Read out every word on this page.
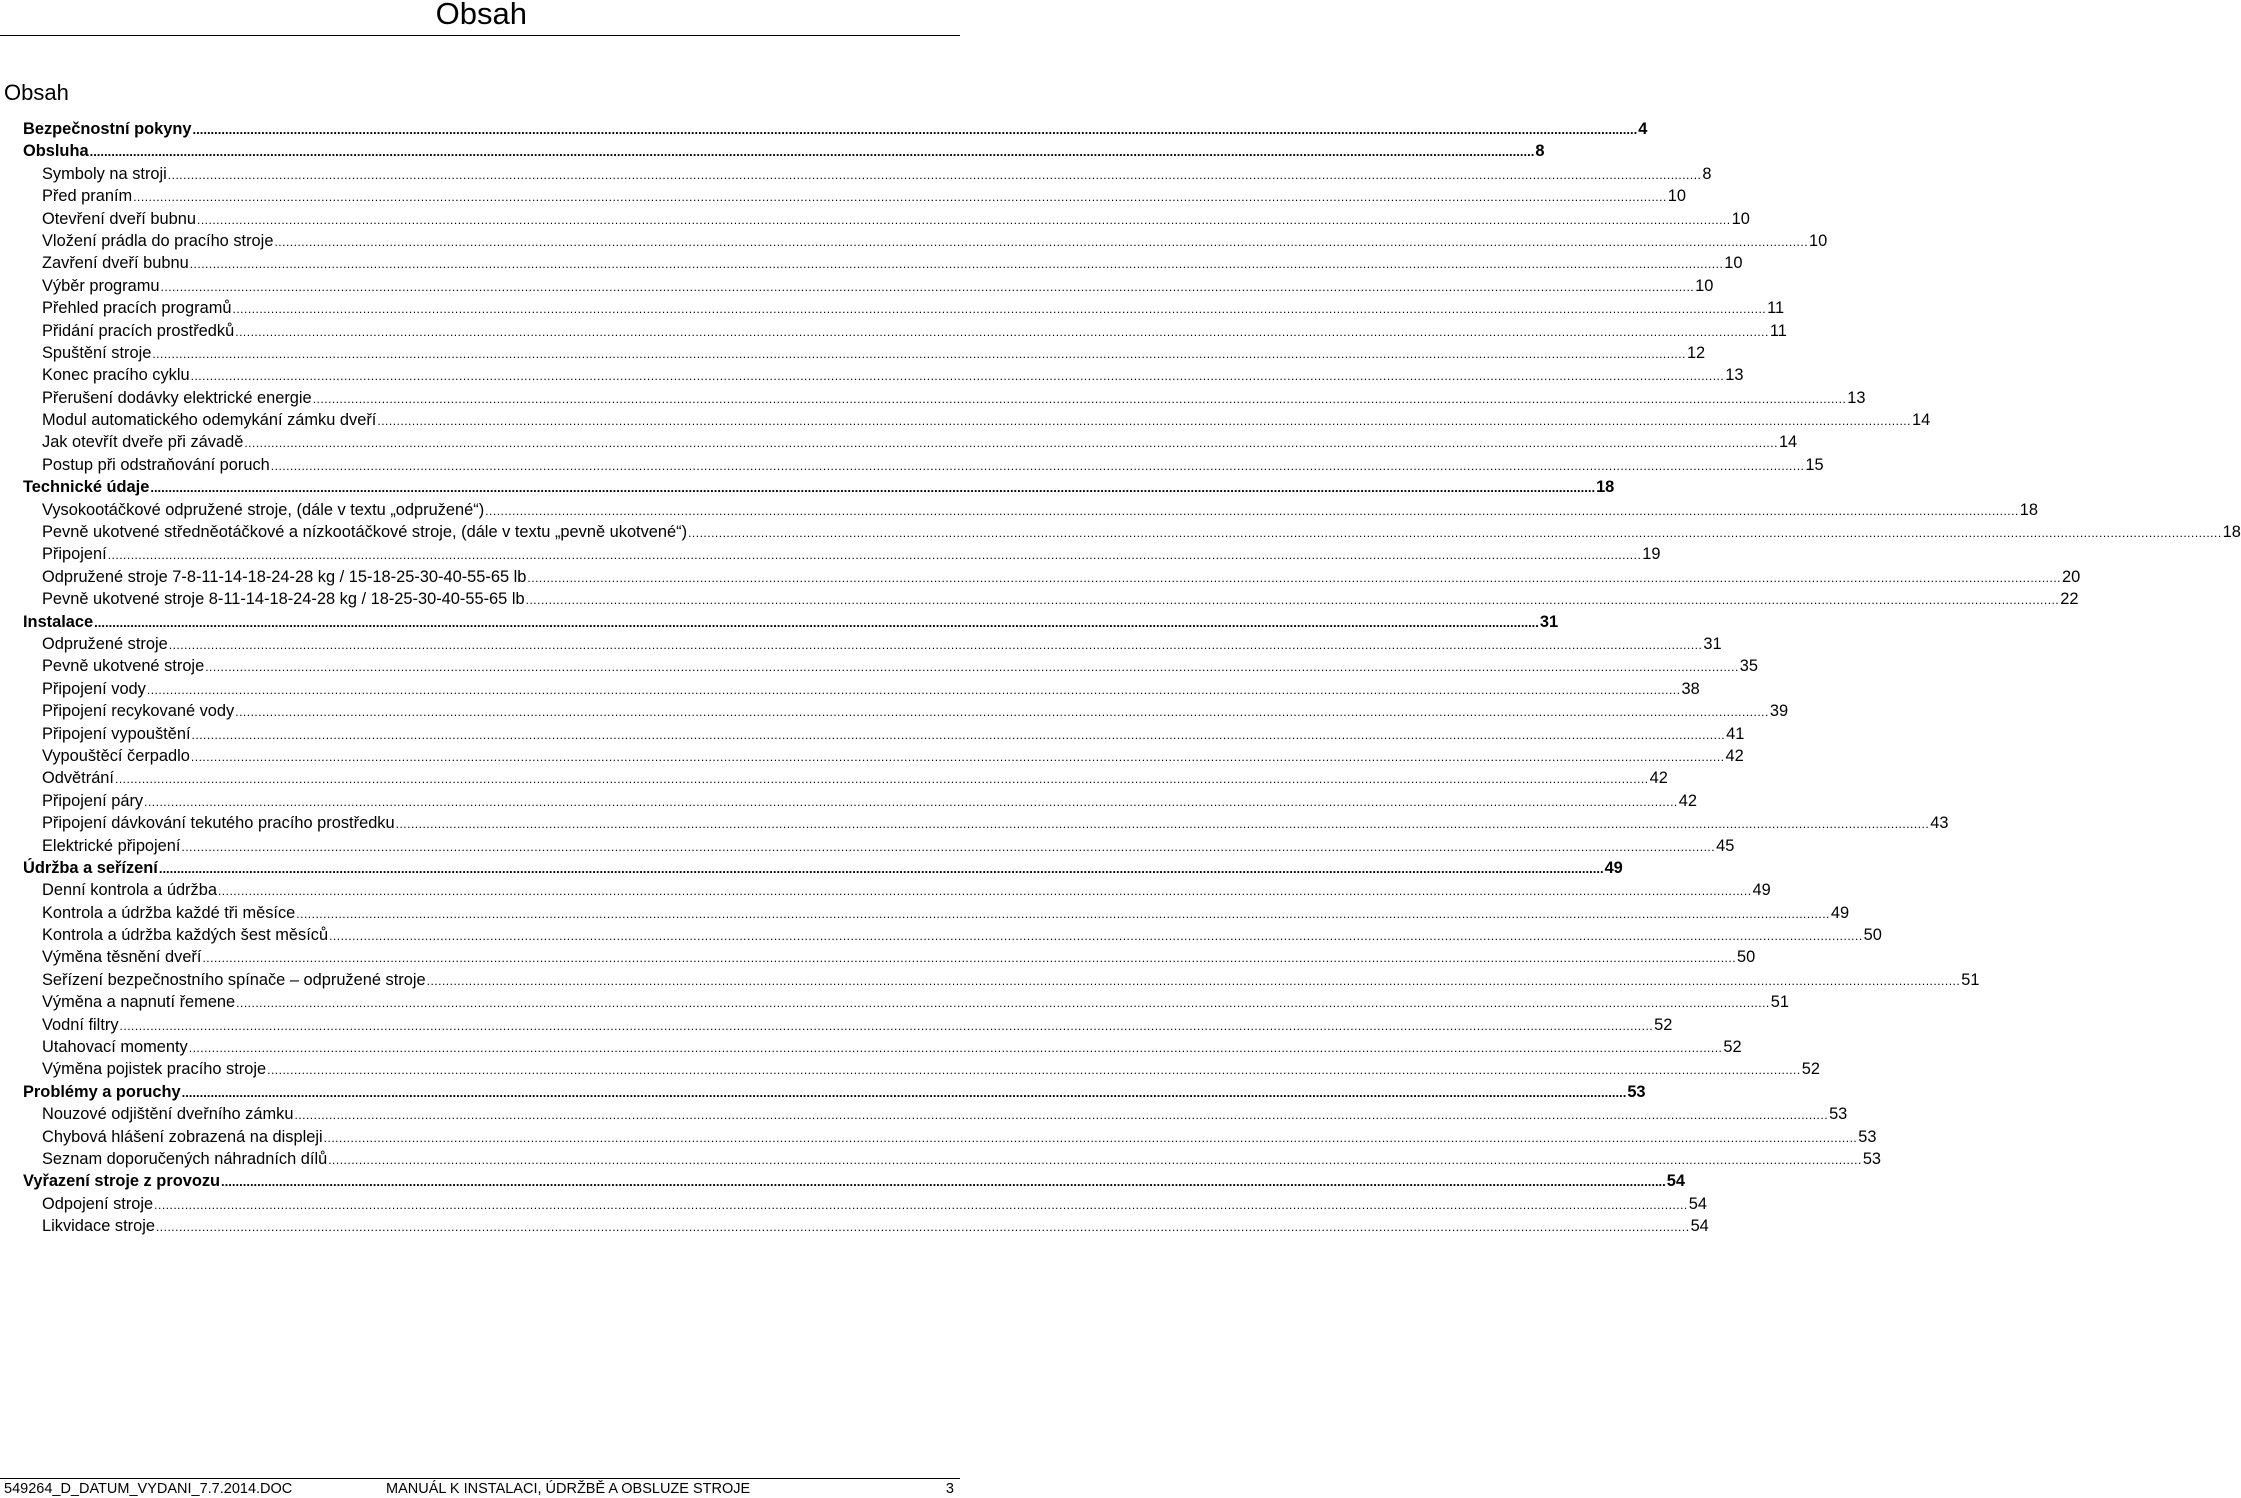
Obsah
Obsah
Bezpečnostní pokyny ................................................................................................................................................................................................................................................................................................................................................................................................................ 4
Obsluha ................................................................................................................................................................................................................................................................................................................................................................................................................ 8
Symboly na stroji ................................................................................................................................................................................................................................................................................................................................................................................................................ 8
Před praním ................................................................................................................................................................................................................................................................................................................................................................................................................ 10
Otevření dveří bubnu ................................................................................................................................................................................................................................................................................................................................................................................................................ 10
Vložení prádla do pracího stroje ................................................................................................................................................................................................................................................................................................................................................................................................................ 10
Zavření dveří bubnu ................................................................................................................................................................................................................................................................................................................................................................................................................ 10
Výběr programu ................................................................................................................................................................................................................................................................................................................................................................................................................ 10
Přehled pracích programů ................................................................................................................................................................................................................................................................................................................................................................................................................ 11
Přidání pracích prostředků ................................................................................................................................................................................................................................................................................................................................................................................................................ 11
Spuštění stroje ................................................................................................................................................................................................................................................................................................................................................................................................................ 12
Konec pracího cyklu ................................................................................................................................................................................................................................................................................................................................................................................................................ 13
Přerušení dodávky elektrické energie ................................................................................................................................................................................................................................................................................................................................................................................................................ 13
Modul automatického odemykání zámku dveří ................................................................................................................................................................................................................................................................................................................................................................................................................ 14
Jak otevřít dveře při závadě ................................................................................................................................................................................................................................................................................................................................................................................................................ 14
Postup při odstraňování poruch ................................................................................................................................................................................................................................................................................................................................................................................................................ 15
Technické údaje ................................................................................................................................................................................................................................................................................................................................................................................................................ 18
Vysokootáčkové odpružené stroje, (dále v textu „odpružené“) ................................................................................................................................................................................................................................................................................................................................................................................................................ 18
Pevně ukotvené středněotáčkové a nízkootáčkové stroje, (dále v textu „pevně ukotvené“) ................................................................................................................................................................................................................................................................................................................................................................................................................ 18
Připojení ................................................................................................................................................................................................................................................................................................................................................................................................................ 19
Odpružené stroje 7-8-11-14-18-24-28 kg / 15-18-25-30-40-55-65 lb ................................................................................................................................................................................................................................................................................................................................................................................................................ 20
Pevně ukotvené stroje 8-11-14-18-24-28 kg / 18-25-30-40-55-65 lb ................................................................................................................................................................................................................................................................................................................................................................................................................ 22
Instalace ................................................................................................................................................................................................................................................................................................................................................................................................................ 31
Odpružené stroje ................................................................................................................................................................................................................................................................................................................................................................................................................ 31
Pevně ukotvené stroje ................................................................................................................................................................................................................................................................................................................................................................................................................ 35
Připojení vody ................................................................................................................................................................................................................................................................................................................................................................................................................ 38
Připojení recykované vody ................................................................................................................................................................................................................................................................................................................................................................................................................ 39
Připojení vypouštění ................................................................................................................................................................................................................................................................................................................................................................................................................ 41
Vypouštěcí čerpadlo ................................................................................................................................................................................................................................................................................................................................................................................................................ 42
Odvětrání ................................................................................................................................................................................................................................................................................................................................................................................................................ 42
Připojení páry ................................................................................................................................................................................................................................................................................................................................................................................................................ 42
Připojení dávkování tekutého pracího prostředku ................................................................................................................................................................................................................................................................................................................................................................................................................ 43
Elektrické připojení ................................................................................................................................................................................................................................................................................................................................................................................................................ 45
Údržba a seřízení ................................................................................................................................................................................................................................................................................................................................................................................................................ 49
Denní kontrola a údržba ................................................................................................................................................................................................................................................................................................................................................................................................................ 49
Kontrola a údržba každé tři měsíce ................................................................................................................................................................................................................................................................................................................................................................................................................ 49
Kontrola a údržba každých šest měsíců ................................................................................................................................................................................................................................................................................................................................................................................................................ 50
Výměna těsnění dveří ................................................................................................................................................................................................................................................................................................................................................................................................................ 50
Seřízení bezpečnostního spínače – odpružené stroje ................................................................................................................................................................................................................................................................................................................................................................................................................ 51
Výměna a napnutí řemene ................................................................................................................................................................................................................................................................................................................................................................................................................ 51
Vodní filtry ................................................................................................................................................................................................................................................................................................................................................................................................................ 52
Utahovací momenty ................................................................................................................................................................................................................................................................................................................................................................................................................ 52
Výměna pojistek pracího stroje ................................................................................................................................................................................................................................................................................................................................................................................................................ 52
Problémy a poruchy ................................................................................................................................................................................................................................................................................................................................................................................................................ 53
Nouzové odjištění dveřního zámku ................................................................................................................................................................................................................................................................................................................................................................................................................ 53
Chybová hlášení zobrazená na displeji ................................................................................................................................................................................................................................................................................................................................................................................................................ 53
Seznam doporučených náhradních dílů ................................................................................................................................................................................................................................................................................................................................................................................................................ 53
Vyřazení stroje z provozu ................................................................................................................................................................................................................................................................................................................................................................................................................ 54
Odpojení stroje ................................................................................................................................................................................................................................................................................................................................................................................................................ 54
Likvidace stroje ................................................................................................................................................................................................................................................................................................................................................................................................................ 54
549264_D_DATUM_VYDANI_7.7.2014.DOC	MANUÁL K INSTALACI, ÚDRŽBĚ A OBSLUZE STROJE	3
